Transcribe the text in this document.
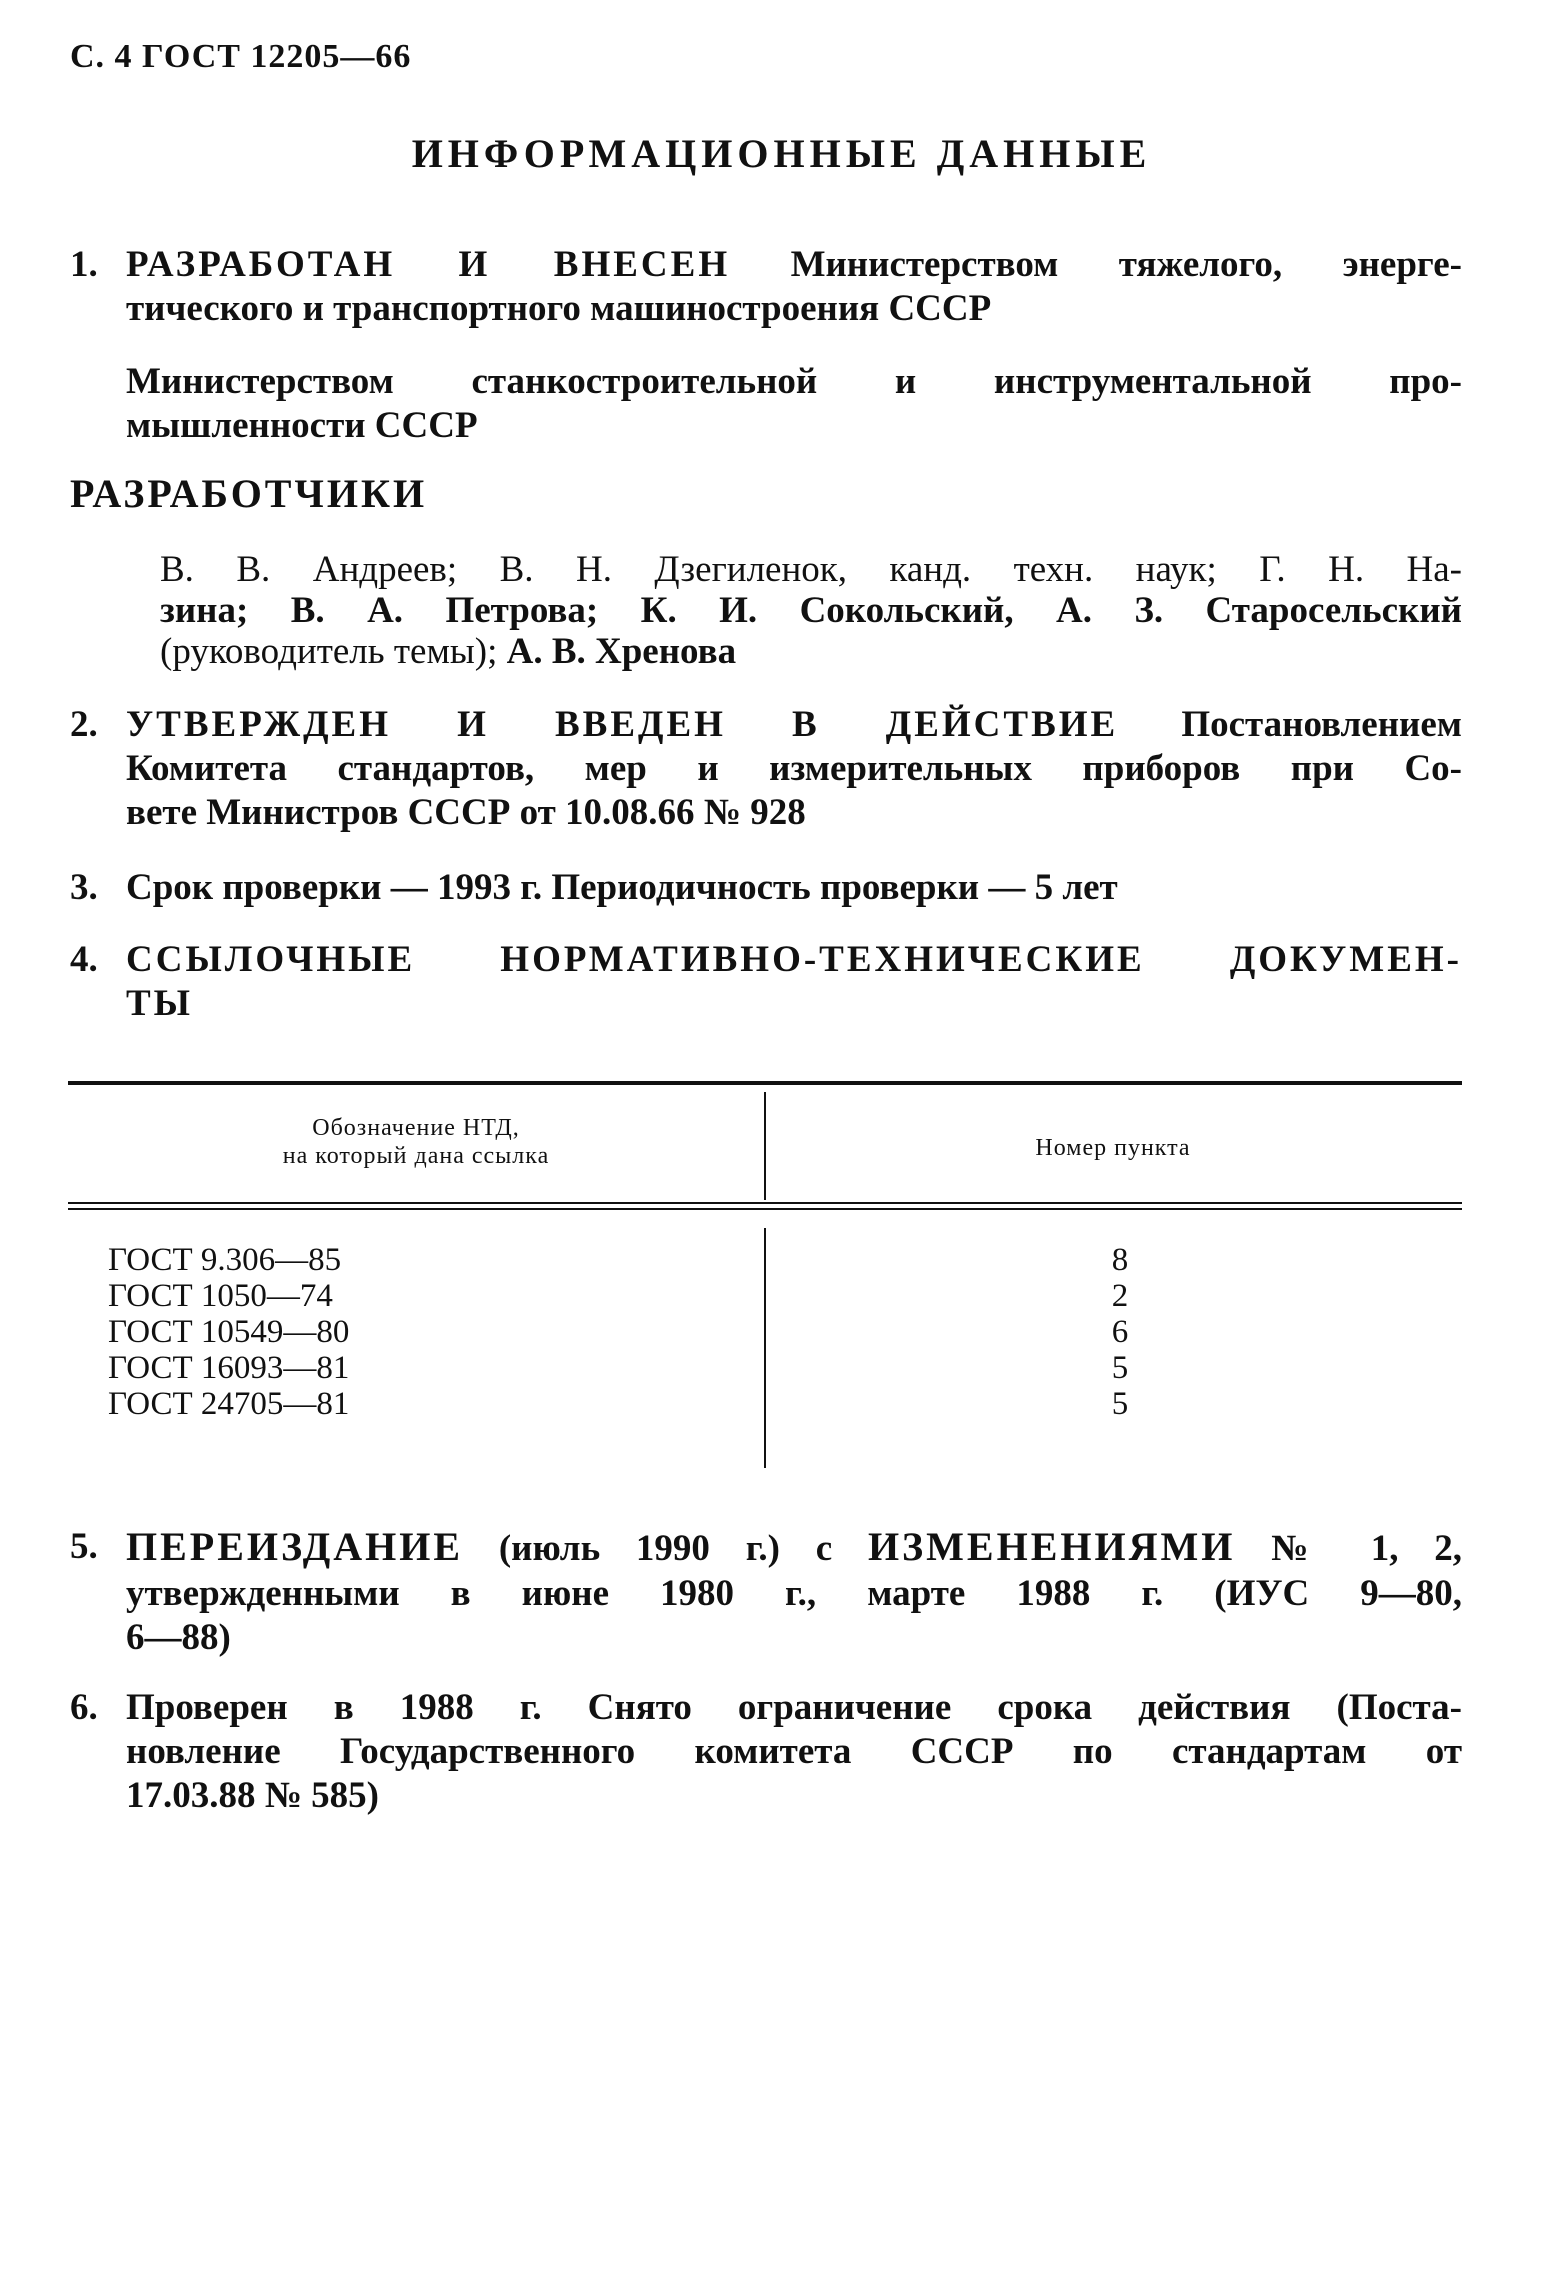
С. 4 ГОСТ 12205—66
ИНФОРМАЦИОННЫЕ ДАННЫЕ
1. РАЗРАБОТАН И ВНЕСЕН Министерством тяжелого, энерге-
тического и транспортного машиностроения СССР
Министерством станкостроительной и инструментальной про-
мышленности СССР
РАЗРАБОТЧИКИ
В. В. Андреев; В. Н. Дзегиленок, канд. техн. наук; Г. Н. На-
зина; В. А. Петрова; К. И. Сокольский, А. З. Старосельский
(руководитель темы); А. В. Хренова
2. УТВЕРЖДЕН И ВВЕДЕН В ДЕЙСТВИЕ Постановлением
Комитета стандартов, мер и измерительных приборов при Со-
вете Министров СССР от 10.08.66 № 928
3. Срок проверки — 1993 г. Периодичность проверки — 5 лет
4. ССЫЛОЧНЫЕ НОРМАТИВНО-ТЕХНИЧЕСКИЕ ДОКУМЕН-
ТЫ
Обозначение НТД,
на который дана ссылка	Номер пункта
ГОСТ 9.306—85
ГОСТ 1050—74
ГОСТ 10549—80
ГОСТ 16093—81
ГОСТ 24705—81
8
2
6
5
5
5. ПЕРЕИЗДАНИЕ (июль 1990 г.) с ИЗМЕНЕНИЯМИ № 1, 2,
утвержденными в июне 1980 г., марте 1988 г. (ИУС 9—80,
6—88)
6. Проверен в 1988 г. Снято ограничение срока действия (Поста-
новление Государственного комитета СССР по стандартам от
17.03.88 № 585)
